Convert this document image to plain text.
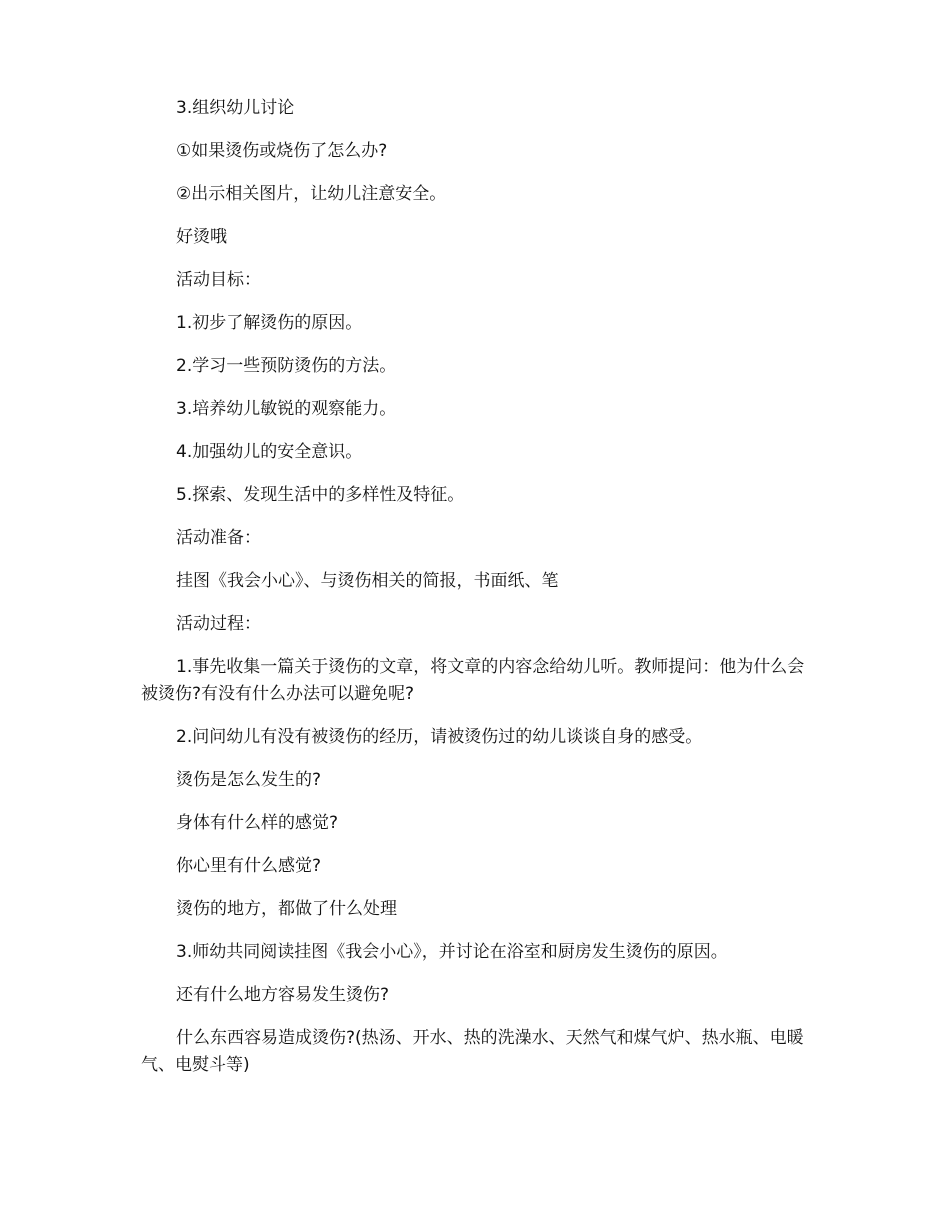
3.组织幼儿讨论

①如果烫伤或烧伤了怎么办?

②出示相关图片，让幼儿注意安全。

好烫哦

活动目标：

1.初步了解烫伤的原因。

2.学习一些预防烫伤的方法。

3.培养幼儿敏锐的观察能力。

4.加强幼儿的安全意识。

5.探索、发现生活中的多样性及特征。

活动准备：

挂图《我会小心》、与烫伤相关的简报，书面纸、笔

活动过程：

1.事先收集一篇关于烫伤的文章，将文章的内容念给幼儿听。教师提问：他为什么会被烫伤?有没有什么办法可以避免呢?

2.问问幼儿有没有被烫伤的经历，请被烫伤过的幼儿谈谈自身的感受。

烫伤是怎么发生的?

身体有什么样的感觉?

你心里有什么感觉?

烫伤的地方，都做了什么处理

3.师幼共同阅读挂图《我会小心》，并讨论在浴室和厨房发生烫伤的原因。

还有什么地方容易发生烫伤?

什么东西容易造成烫伤?(热汤、开水、热的洗澡水、天然气和煤气炉、热水瓶、电暖气、电熨斗等)
